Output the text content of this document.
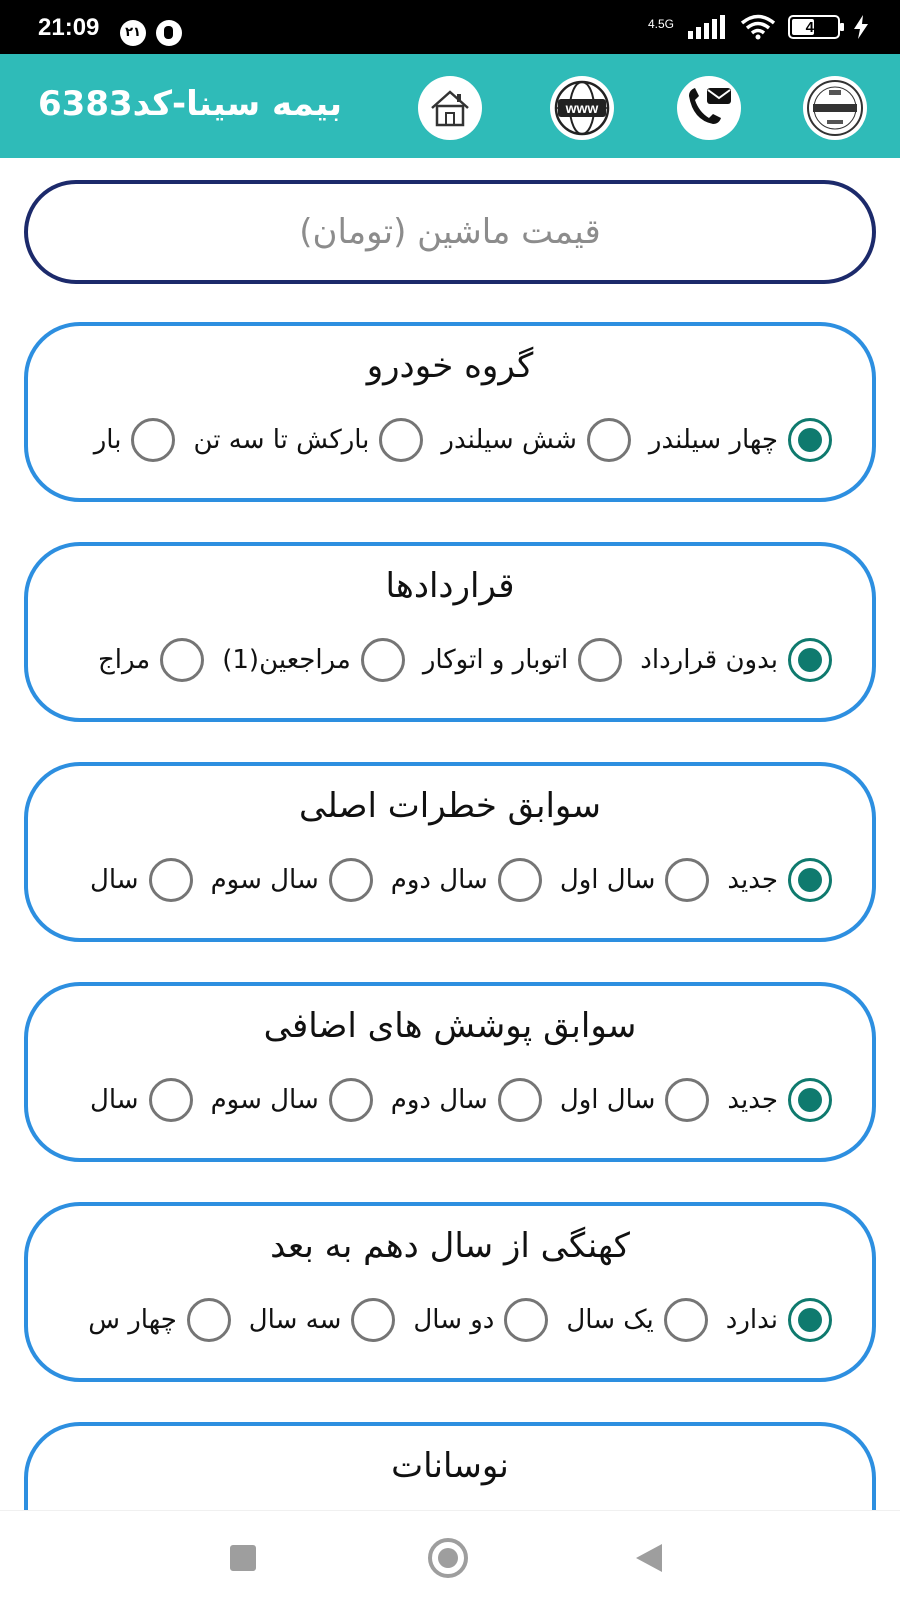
21:09	۲۱
4.5G	45
بیمه سینا-کد6383	www
قیمت ماشین (تومان)
گروه خودرو
چهار سیلندر
شش سیلندر
بارکش تا سه تن
بار
قراردادها
بدون قرارداد
اتوبار و اتوکار
مراجعین(1)
مراج
سوابق خطرات اصلی
جدید
سال اول
سال دوم
سال سوم
سال
سوابق پوشش های اضافی
جدید
سال اول
سال دوم
سال سوم
سال
کهنگی از سال دهم به بعد
ندارد
یک سال
دو سال
سه سال
چهار س
نوسانات
